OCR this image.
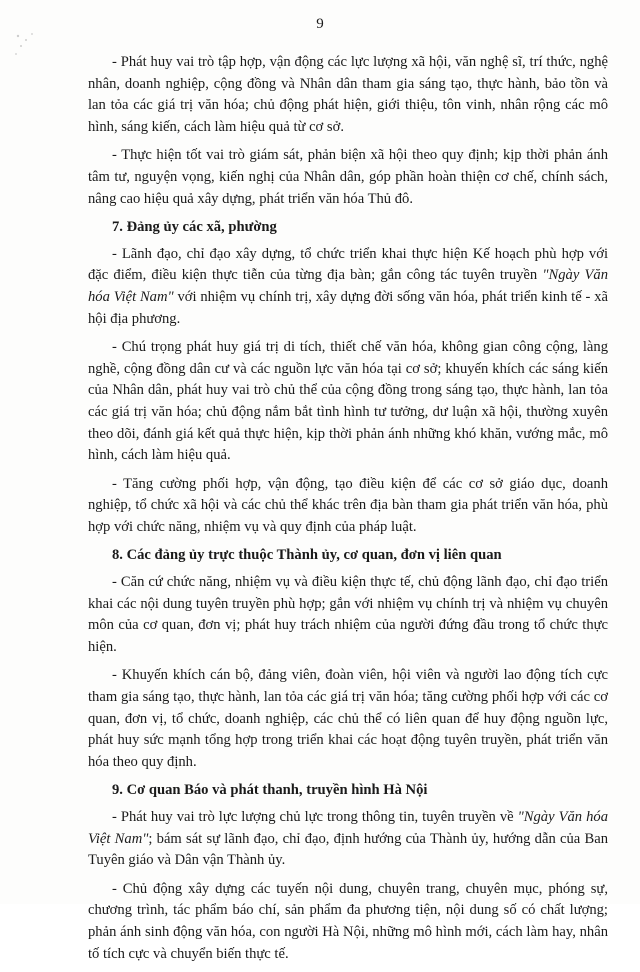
9

- Phát huy vai trò tập hợp, vận động các lực lượng xã hội, văn nghệ sĩ, trí thức, nghệ nhân, doanh nghiệp, cộng đồng và Nhân dân tham gia sáng tạo, thực hành, bảo tồn và lan tỏa các giá trị văn hóa; chủ động phát hiện, giới thiệu, tôn vinh, nhân rộng các mô hình, sáng kiến, cách làm hiệu quả từ cơ sở.

- Thực hiện tốt vai trò giám sát, phản biện xã hội theo quy định; kịp thời phản ánh tâm tư, nguyện vọng, kiến nghị của Nhân dân, góp phần hoàn thiện cơ chế, chính sách, nâng cao hiệu quả xây dựng, phát triển văn hóa Thủ đô.

7. Đảng ủy các xã, phường

- Lãnh đạo, chỉ đạo xây dựng, tổ chức triển khai thực hiện Kế hoạch phù hợp với đặc điểm, điều kiện thực tiễn của từng địa bàn; gắn công tác tuyên truyền "Ngày Văn hóa Việt Nam" với nhiệm vụ chính trị, xây dựng đời sống văn hóa, phát triển kinh tế - xã hội địa phương.

- Chú trọng phát huy giá trị di tích, thiết chế văn hóa, không gian công cộng, làng nghề, cộng đồng dân cư và các nguồn lực văn hóa tại cơ sở; khuyến khích các sáng kiến của Nhân dân, phát huy vai trò chủ thể của cộng đồng trong sáng tạo, thực hành, lan tỏa các giá trị văn hóa; chủ động nắm bắt tình hình tư tưởng, dư luận xã hội, thường xuyên theo dõi, đánh giá kết quả thực hiện, kịp thời phản ánh những khó khăn, vướng mắc, mô hình, cách làm hiệu quả.

- Tăng cường phối hợp, vận động, tạo điều kiện để các cơ sở giáo dục, doanh nghiệp, tổ chức xã hội và các chủ thể khác trên địa bàn tham gia phát triển văn hóa, phù hợp với chức năng, nhiệm vụ và quy định của pháp luật.

8. Các đảng ủy trực thuộc Thành ủy, cơ quan, đơn vị liên quan

- Căn cứ chức năng, nhiệm vụ và điều kiện thực tế, chủ động lãnh đạo, chỉ đạo triển khai các nội dung tuyên truyền phù hợp; gắn với nhiệm vụ chính trị và nhiệm vụ chuyên môn của cơ quan, đơn vị; phát huy trách nhiệm của người đứng đầu trong tổ chức thực hiện.

- Khuyến khích cán bộ, đảng viên, đoàn viên, hội viên và người lao động tích cực tham gia sáng tạo, thực hành, lan tỏa các giá trị văn hóa; tăng cường phối hợp với các cơ quan, đơn vị, tổ chức, doanh nghiệp, các chủ thể có liên quan để huy động nguồn lực, phát huy sức mạnh tổng hợp trong triển khai các hoạt động tuyên truyền, phát triển văn hóa theo quy định.

9. Cơ quan Báo và phát thanh, truyền hình Hà Nội

- Phát huy vai trò lực lượng chủ lực trong thông tin, tuyên truyền về "Ngày Văn hóa Việt Nam"; bám sát sự lãnh đạo, chỉ đạo, định hướng của Thành ủy, hướng dẫn của Ban Tuyên giáo và Dân vận Thành ủy.

- Chủ động xây dựng các tuyến nội dung, chuyên trang, chuyên mục, phóng sự, chương trình, tác phẩm báo chí, sản phẩm đa phương tiện, nội dung số có chất lượng; phản ánh sinh động văn hóa, con người Hà Nội, những mô hình mới, cách làm hay, nhân tố tích cực và chuyển biến thực tế.
